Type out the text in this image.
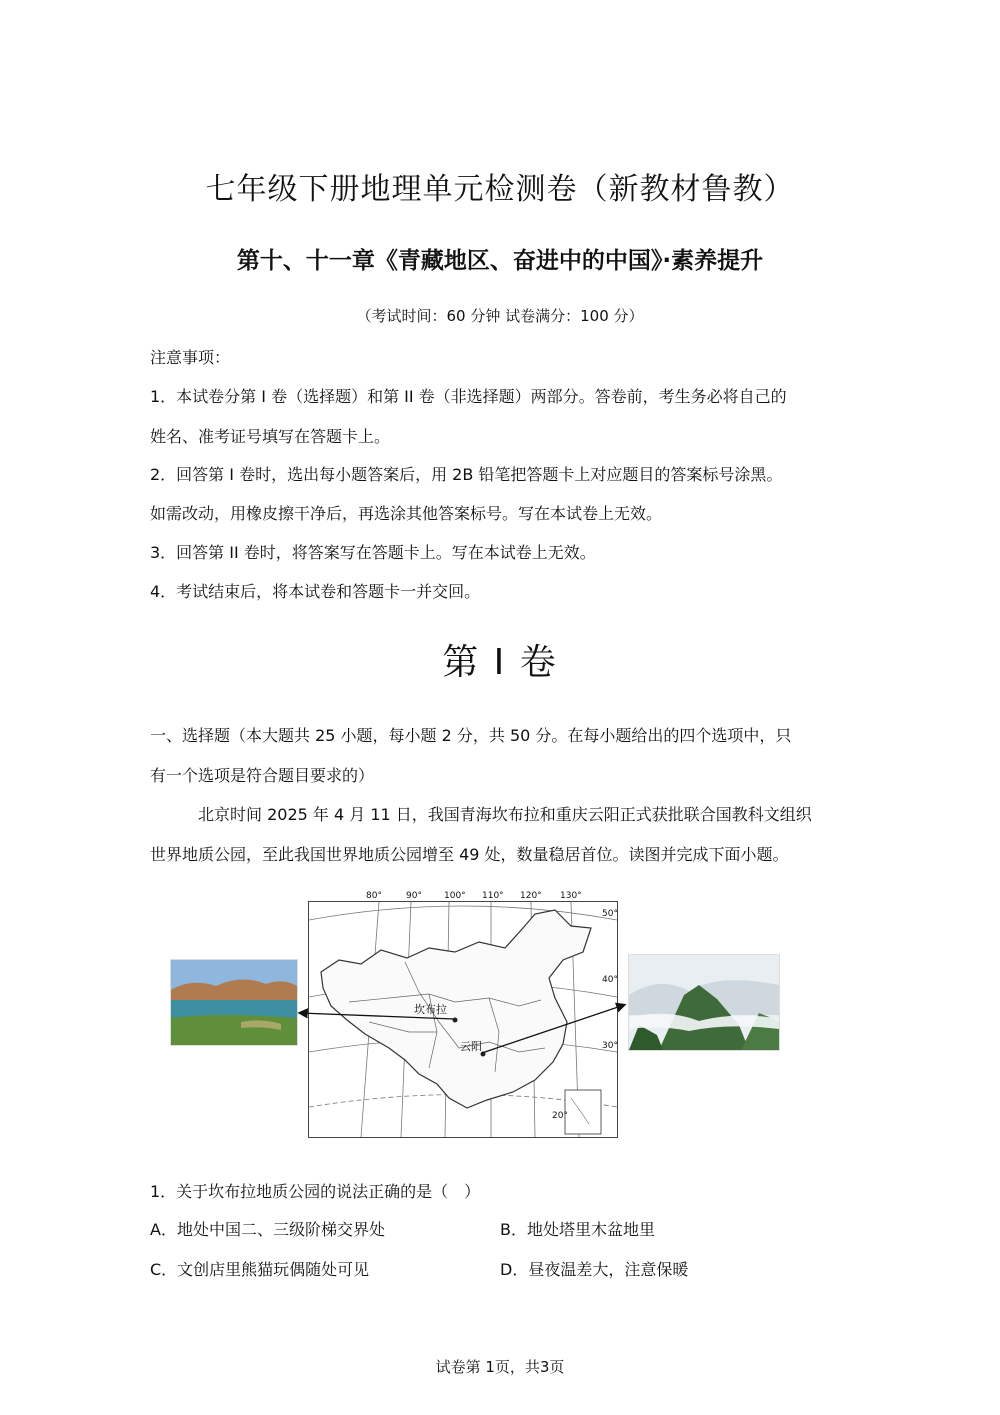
七年级下册地理单元检测卷（新教材鲁教）
第十、十一章《青藏地区、奋进中的中国》·素养提升
（考试时间：60 分钟 试卷满分：100 分）
注意事项：
1．本试卷分第 I 卷（选择题）和第 II 卷（非选择题）两部分。答卷前，考生务必将自己的
姓名、准考证号填写在答题卡上。
2．回答第 I 卷时，选出每小题答案后，用 2B 铅笔把答题卡上对应题目的答案标号涂黑。
如需改动，用橡皮擦干净后，再选涂其他答案标号。写在本试卷上无效。
3．回答第 II 卷时，将答案写在答题卡上。写在本试卷上无效。
4．考试结束后，将本试卷和答题卡一并交回。
第 I 卷
一、选择题（本大题共 25 小题，每小题 2 分，共 50 分。在每小题给出的四个选项中，只
有一个选项是符合题目要求的）
北京时间 2025 年 4 月 11 日，我国青海坎布拉和重庆云阳正式获批联合国教科文组织
世界地质公园，至此我国世界地质公园增至 49 处，数量稳居首位。读图并完成下面小题。
80°	90° 100° 110° 120° 130°
50°
40°
30°
20°
坎布拉
云阳
1．关于坎布拉地质公园的说法正确的是（　）
A．地处中国二、三级阶梯交界处	B．地处塔里木盆地里
C．文创店里熊猫玩偶随处可见	D．昼夜温差大，注意保暖
试卷第 1页，共3页
